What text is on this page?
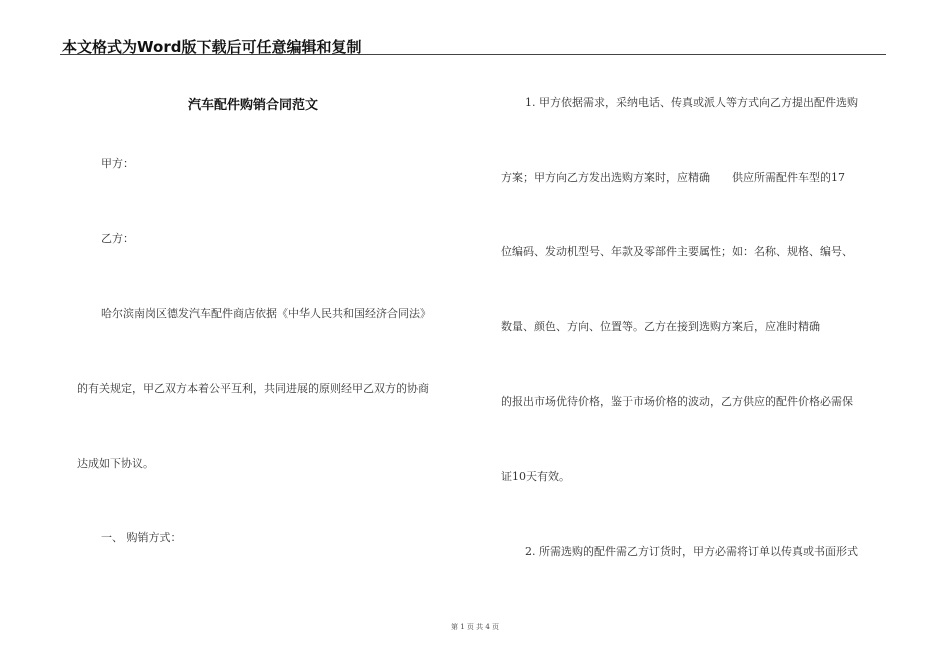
本文格式为Word版下载后可任意编辑和复制
汽车配件购销合同范文
甲方：
乙方：
哈尔滨南岗区德发汽车配件商店依据《中华人民共和国经济合同法》
的有关规定，甲乙双方本着公平互利，共同进展的原则经甲乙双方的协商
达成如下协议。
一、 购销方式：
1. 甲方依据需求，采纳电话、传真或派人等方式向乙方提出配件选购
方案；甲方向乙方发出选购方案时，应精确　　供应所需配件车型的17
位编码、发动机型号、年款及零部件主要属性；如：名称、规格、编号、
数量、颜色、方向、位置等。乙方在接到选购方案后，应准时精确
的报出市场优待价格，鉴于市场价格的波动，乙方供应的配件价格必需保
证10天有效。
2. 所需选购的配件需乙方订货时，甲方必需将订单以传真或书面形式
第 1 页 共 4 页
